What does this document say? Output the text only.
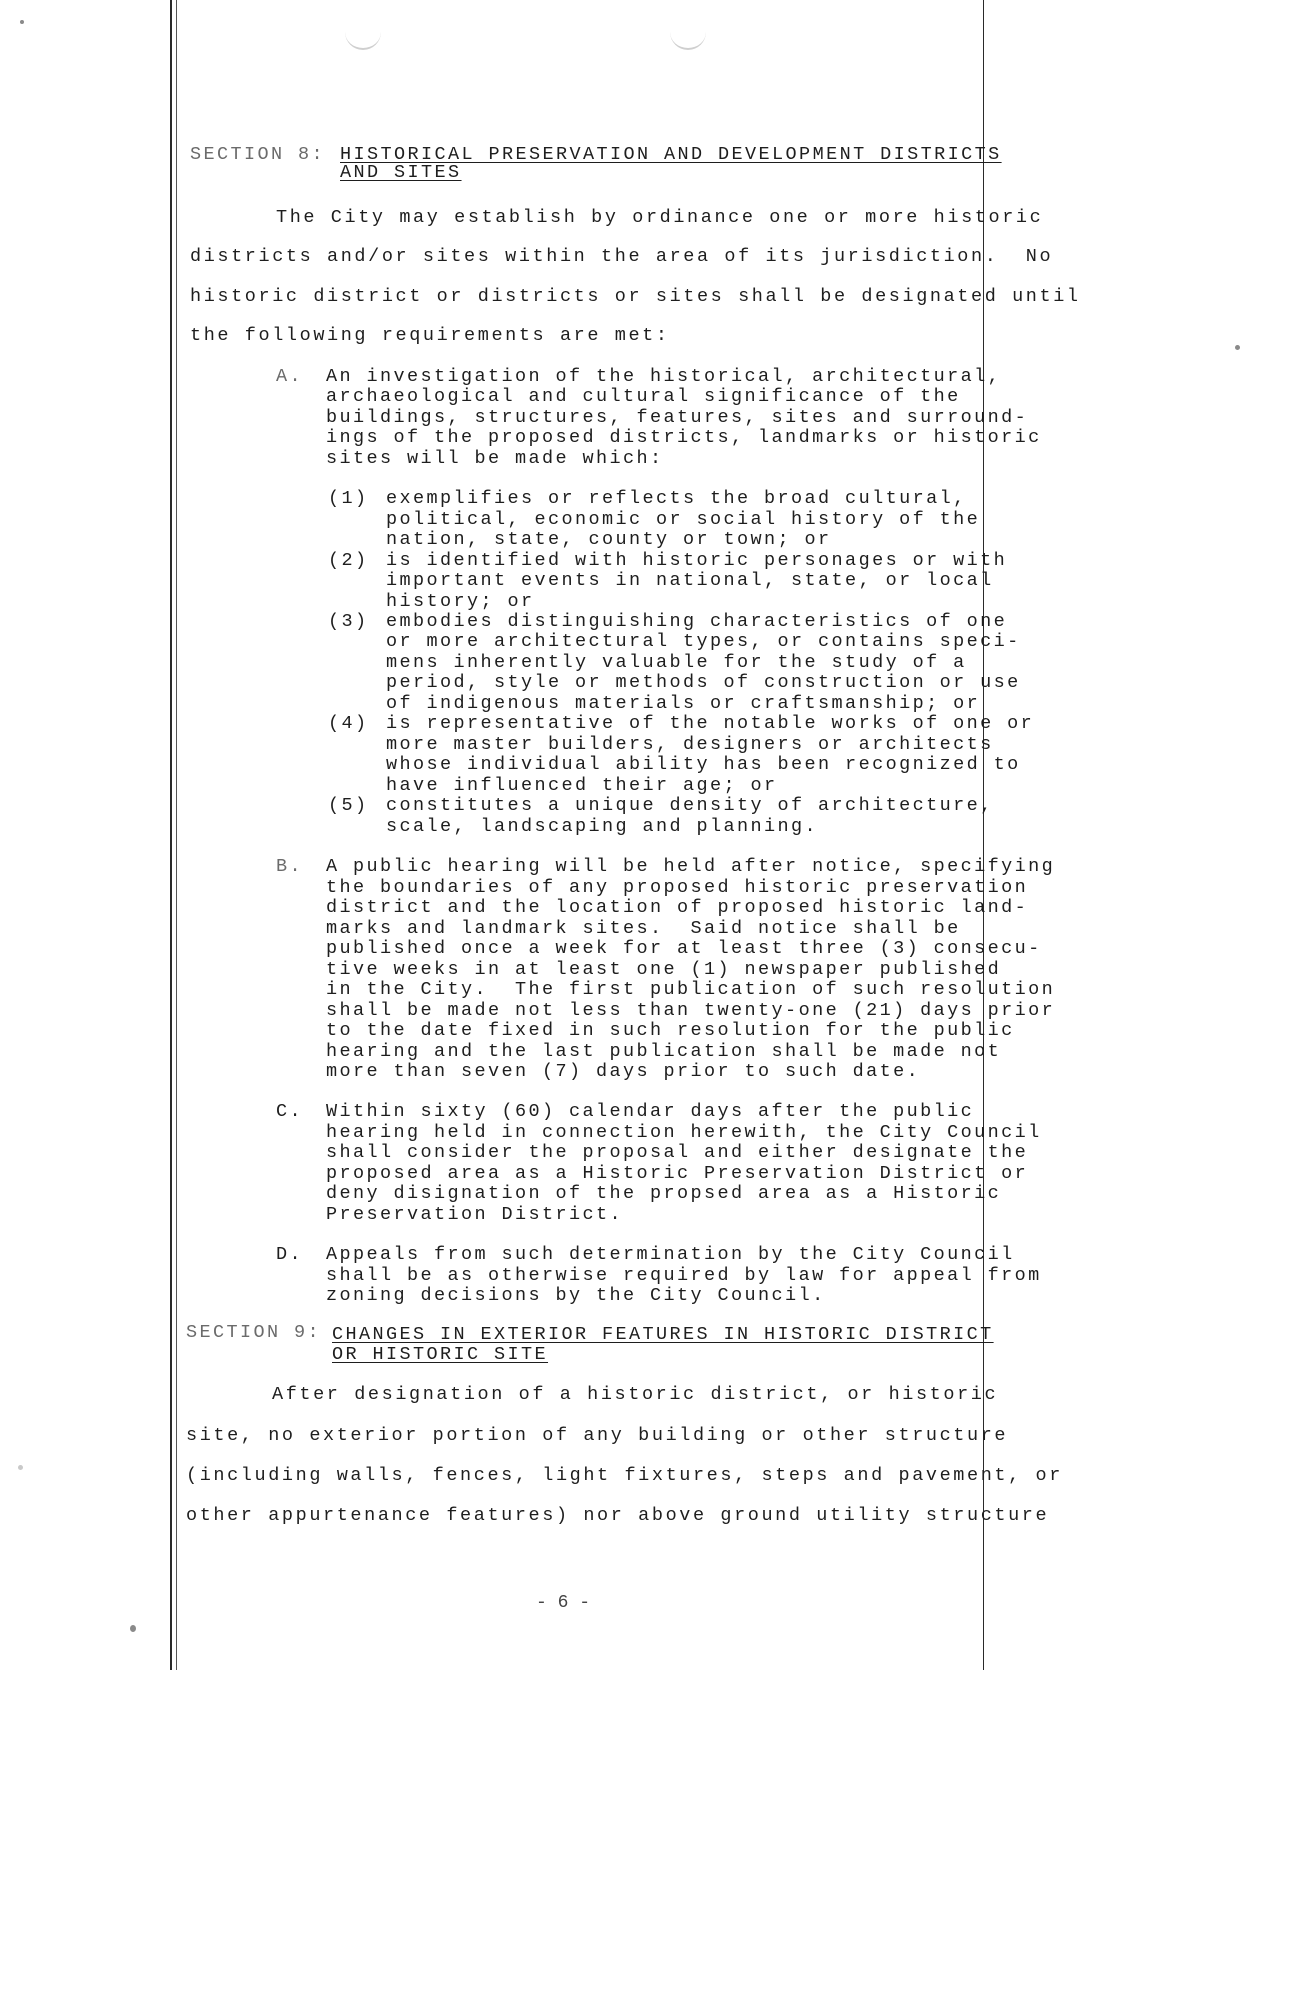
SECTION 8: HISTORICAL PRESERVATION AND DEVELOPMENT DISTRICTS
AND SITES
The City may establish by ordinance one or more historic
districts and/or sites within the area of its jurisdiction.  No
historic district or districts or sites shall be designated until
the following requirements are met:
A. An investigation of the historical, architectural,
archaeological and cultural significance of the
buildings, structures, features, sites and surround-
ings of the proposed districts, landmarks or historic
sites will be made which:
(1) exemplifies or reflects the broad cultural,
political, economic or social history of the
nation, state, county or town; or
(2) is identified with historic personages or with
important events in national, state, or local
history; or
(3) embodies distinguishing characteristics of one
or more architectural types, or contains speci-
mens inherently valuable for the study of a
period, style or methods of construction or use
of indigenous materials or craftsmanship; or
(4) is representative of the notable works of one or
more master builders, designers or architects
whose individual ability has been recognized to
have influenced their age; or
(5) constitutes a unique density of architecture,
scale, landscaping and planning.
B. A public hearing will be held after notice, specifying
the boundaries of any proposed historic preservation
district and the location of proposed historic land-
marks and landmark sites.  Said notice shall be
published once a week for at least three (3) consecu-
tive weeks in at least one (1) newspaper published
in the City.  The first publication of such resolution
shall be made not less than twenty-one (21) days prior
to the date fixed in such resolution for the public
hearing and the last publication shall be made not
more than seven (7) days prior to such date.
C. Within sixty (60) calendar days after the public
hearing held in connection herewith, the City Council
shall consider the proposal and either designate the
proposed area as a Historic Preservation District or
deny disignation of the propsed area as a Historic
Preservation District.
D. Appeals from such determination by the City Council
shall be as otherwise required by law for appeal from
zoning decisions by the City Council.
SECTION 9: CHANGES IN EXTERIOR FEATURES IN HISTORIC DISTRICT
OR HISTORIC SITE
After designation of a historic district, or historic
site, no exterior portion of any building or other structure
(including walls, fences, light fixtures, steps and pavement, or
other appurtenance features) nor above ground utility structure
- 6 -
